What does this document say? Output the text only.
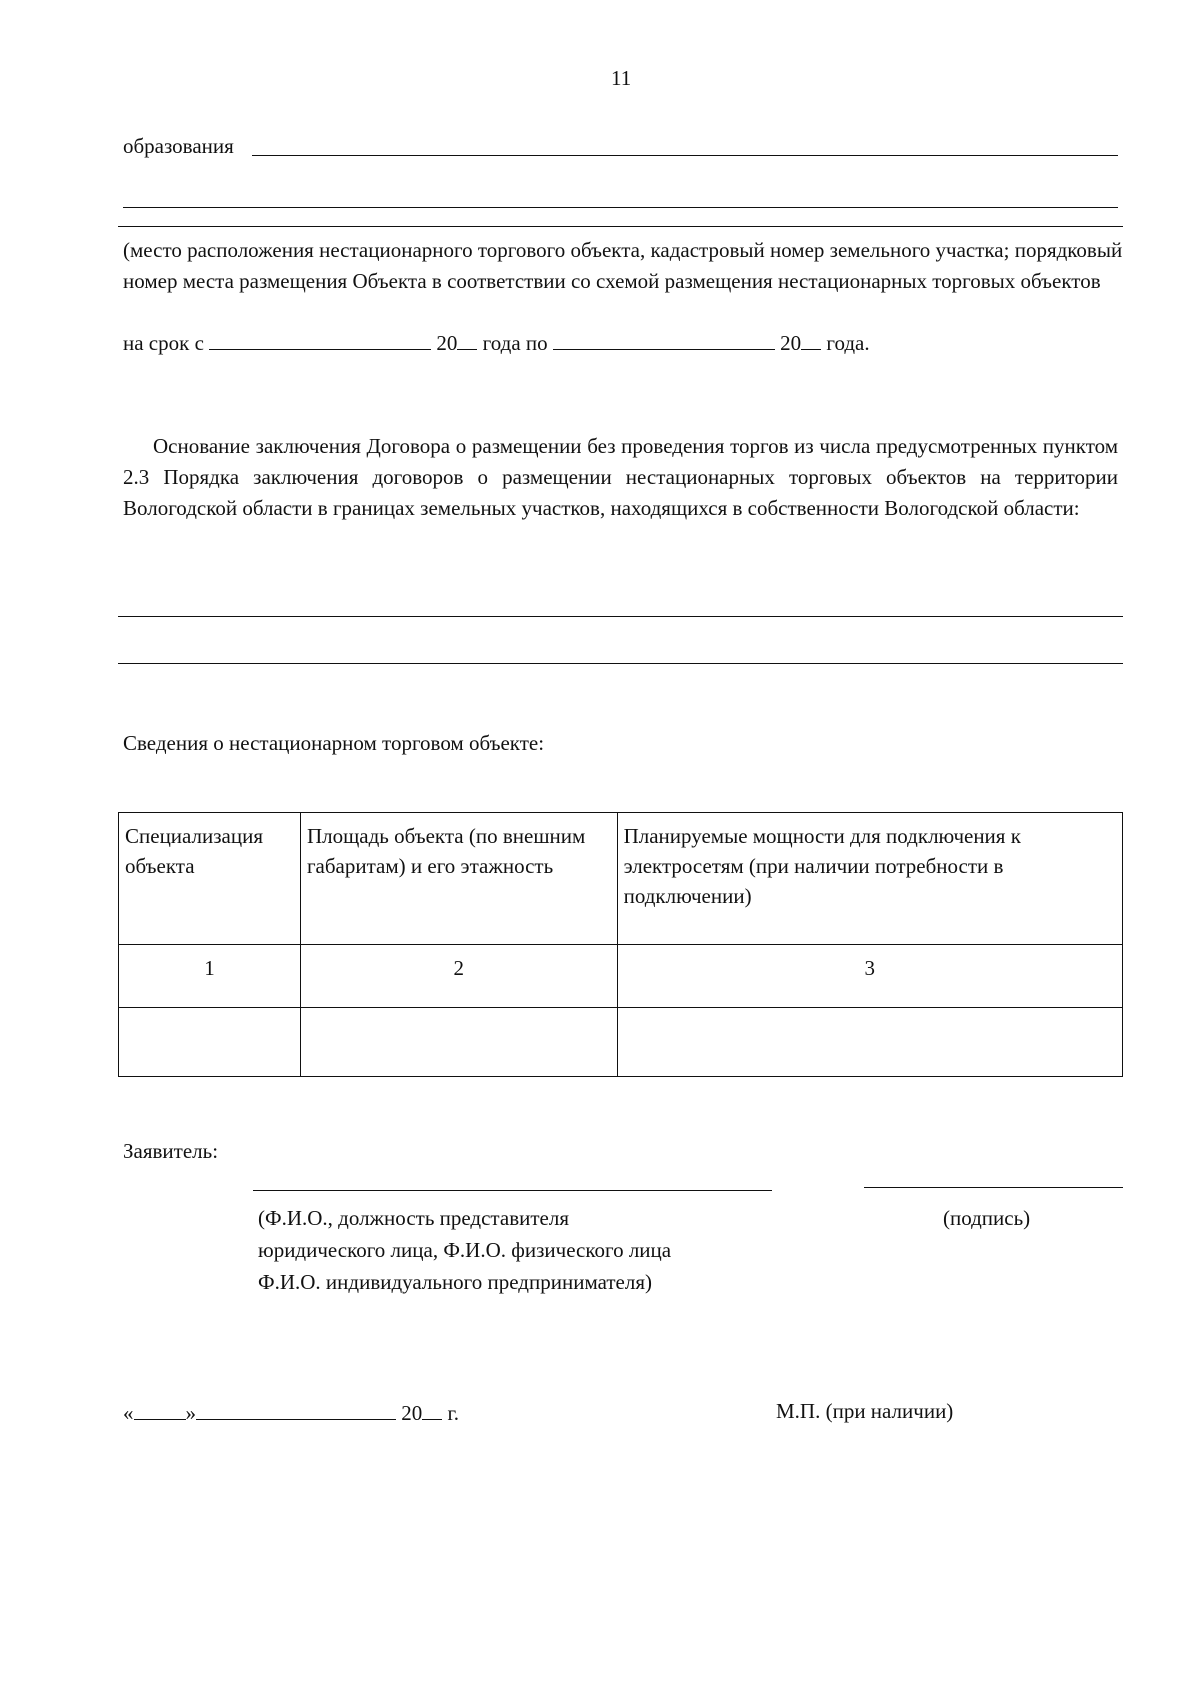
11
образования
(место расположения нестационарного торгового объекта, кадастровый номер земельного участка; порядковый номер места размещения Объекта в соответствии со схемой размещения нестационарных торговых объектов
на срок с	20 года по	20 года.
Основание заключения Договора о размещении без проведения торгов из числа предусмотренных пунктом 2.3 Порядка заключения договоров о размещении нестационарных торговых объектов на территории Вологодской области в границах земельных участков, находящихся в собственности Вологодской области:
Сведения о нестационарном торговом объекте:
Специализация объекта	Площадь объекта (по внешним габаритам) и его этажность	Планируемые мощности для подключения к электросетям (при наличии потребности в подключении)
1	2	3

Заявитель:
(Ф.И.О., должность представителя
юридического лица, Ф.И.О. физического лица
Ф.И.О. индивидуального предпринимателя)
(подпись)
« »	20 г.	М.П. (при наличии)
